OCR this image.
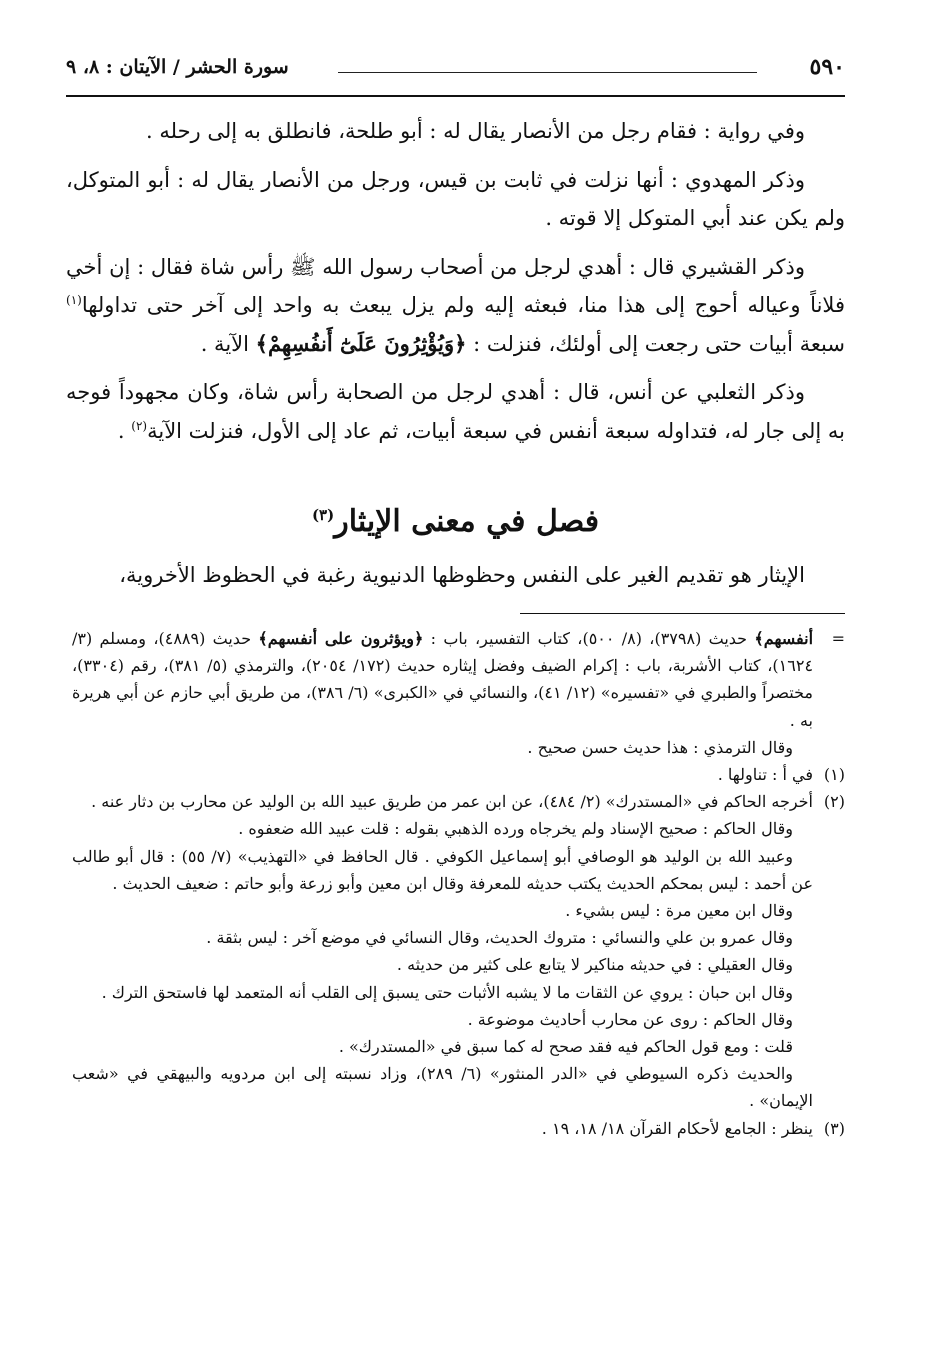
٥٩٠
سورة الحشر / الآيتان : ٨، ٩

وفي رواية : فقام رجل من الأنصار يقال له : أبو طلحة، فانطلق به إلى رحله .

وذكر المهدوي : أنها نزلت في ثابت بن قيس، ورجل من الأنصار يقال له : أبو المتوكل، ولم يكن عند أبي المتوكل إلا قوته .

وذكر القشيري قال : أهدي لرجل من أصحاب رسول الله ﷺ رأس شاة فقال : إن أخي فلاناً وعياله أحوج إلى هذا منا، فبعثه إليه ولم يزل يبعث به واحد إلى آخر حتى تداولها$^{(١)}$ سبعة أبيات حتى رجعت إلى أولئك، فنزلت : ﴿وَيُؤْثِرُونَ عَلَىٰٓ أَنفُسِهِمْ﴾ الآية .

وذكر الثعلبي عن أنس، قال : أهدي لرجل من الصحابة رأس شاة، وكان مجهوداً فوجه به إلى جار له، فتداوله سبعة أنفس في سبعة أبيات، ثم عاد إلى الأول، فنزلت الآية$^{(٢)}$ .

فصل في معنى الإيثار$^{(٣)}$
الإيثار هو تقديم الغير على النفس وحظوظها الدنيوية رغبة في الحظوظ الأخروية،
=
أنفسهم﴾ حديث (٣٧٩٨)، (٨/ ٥٠٠)، كتاب التفسير، باب : ﴿ويؤثرون على أنفسهم﴾ حديث (٤٨٨٩)، ومسلم (٣/ ١٦٢٤)، كتاب الأشربة، باب : إكرام الضيف وفضل إيثاره حديث (١٧٢/ ٢٠٥٤)، والترمذي (٥/ ٣٨١)، رقم (٣٣٠٤)، مختصراً والطبري في «تفسيره» (١٢/ ٤١)، والنسائي في «الكبرى» (٦/ ٣٨٦)، من طريق أبي حازم عن أبي هريرة به .
وقال الترمذي : هذا حديث حسن صحيح .
(١)
في أ : تناولها .
(٢)
أخرجه الحاكم في «المستدرك» (٢/ ٤٨٤)، عن ابن عمر من طريق عبيد الله بن الوليد عن محارب بن دثار عنه .
وقال الحاكم : صحيح الإسناد ولم يخرجاه ورده الذهبي بقوله : قلت عبيد الله ضعفوه .
وعبيد الله بن الوليد هو الوصافي أبو إسماعيل الكوفي . قال الحافظ في «التهذيب» (٧/ ٥٥) : قال أبو طالب عن أحمد : ليس بمحكم الحديث يكتب حديثه للمعرفة وقال ابن معين وأبو زرعة وأبو حاتم : ضعيف الحديث .
وقال ابن معين مرة : ليس بشيء .
وقال عمرو بن علي والنسائي : متروك الحديث، وقال النسائي في موضع آخر : ليس بثقة .
وقال العقيلي : في حديثه مناكير لا يتابع على كثير من حديثه .
وقال ابن حبان : يروي عن الثقات ما لا يشبه الأثبات حتى يسبق إلى القلب أنه المتعمد لها فاستحق الترك .
وقال الحاكم : روى عن محارب أحاديث موضوعة .
قلت : ومع قول الحاكم فيه فقد صحح له كما سبق في «المستدرك» .
والحديث ذكره السيوطي في «الدر المنثور» (٦/ ٢٨٩)، وزاد نسبته إلى ابن مردويه والبيهقي في «شعب الإيمان» .
(٣)
ينظر : الجامع لأحكام القرآن ١٨/ ١٨، ١٩ .
